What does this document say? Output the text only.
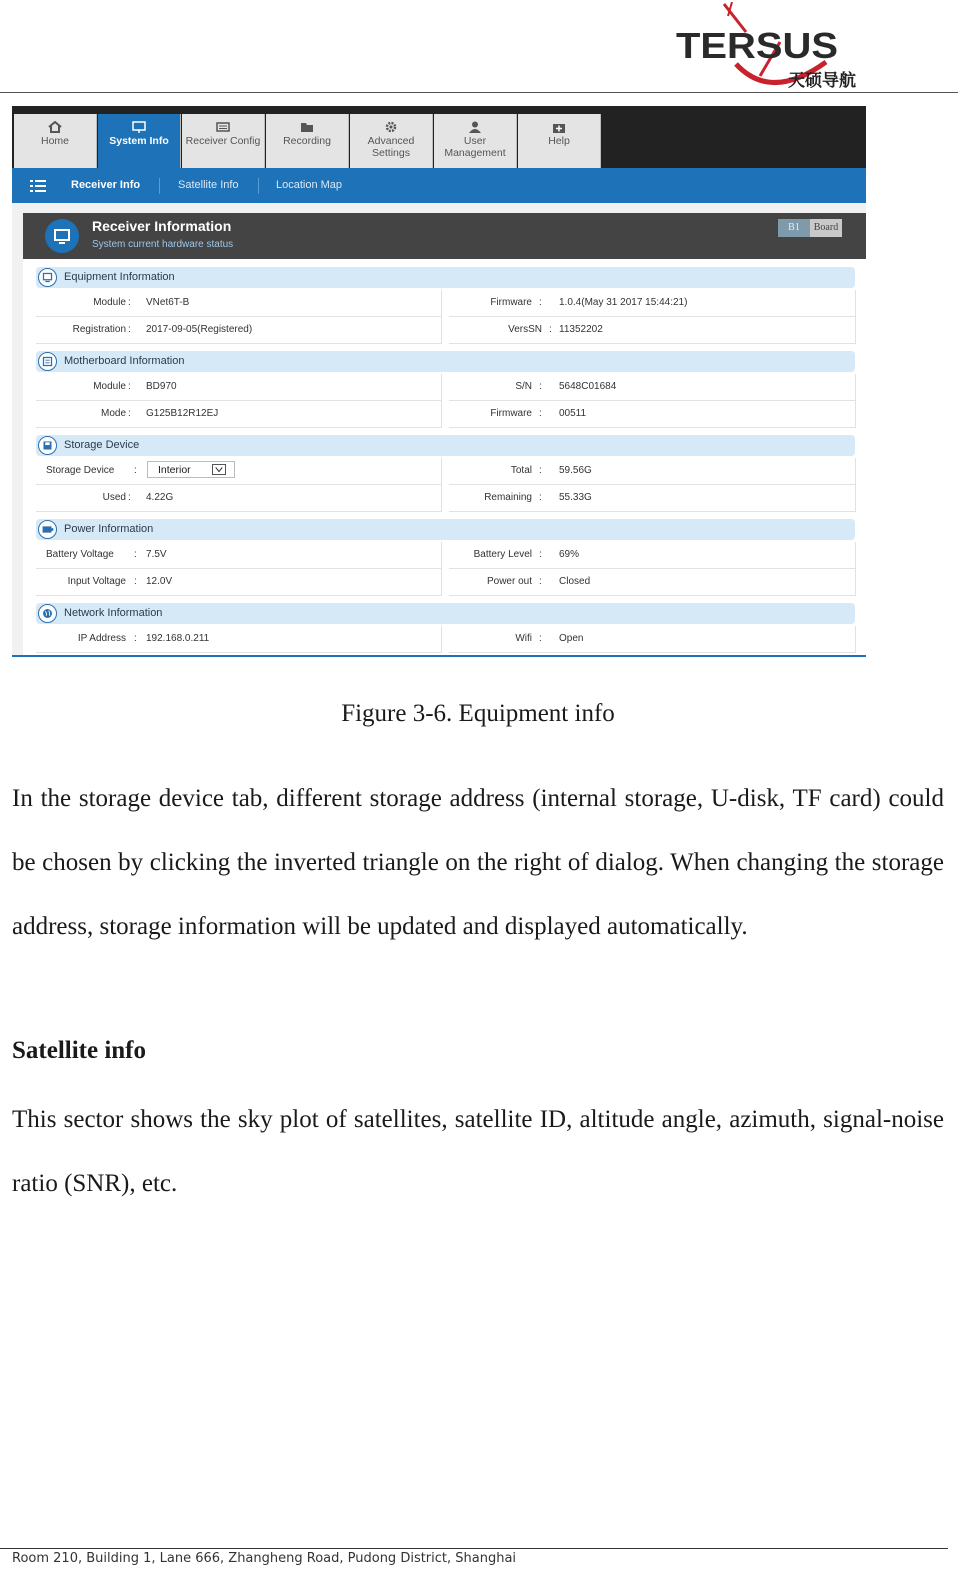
TERSUS
天硕导航
Home	System Info	Receiver Config	Recording	Advanced Settings
User Management
Help
Receiver Info	Satellite Info	Location Map
Receiver Information
System current hardware status
B1	Board
Equipment Information
Module : VNet6T-B	Firmware : 1.0.4(May 31 2017 15:44:21)
Registration : 2017-09-05(Registered)	VersSN : 11352202
Motherboard Information
Module : BD970	S/N : 5648C01684
Mode : G125B12R12EJ	Firmware : 00511
Storage Device
Storage Device : Interior	Total : 59.56G
Used : 4.22G	Remaining : 55.33G
Power Information
Battery Voltage : 7.5V	Battery Level : 69%
Input Voltage : 12.0V	Power out : Closed
Network Information
IP Address : 192.168.0.211	Wifi : Open
Figure 3-6. Equipment info

In the storage device tab, different storage address (internal storage, U-disk, TF card) could be chosen by clicking the inverted triangle on the right of dialog. When changing the storage address, storage information will be updated and displayed automatically.

Satellite info

This sector shows the sky plot of satellites, satellite ID, altitude angle, azimuth, signal-noise ratio (SNR), etc.

Room 210, Building 1, Lane 666, Zhangheng Road, Pudong District, Shanghai
